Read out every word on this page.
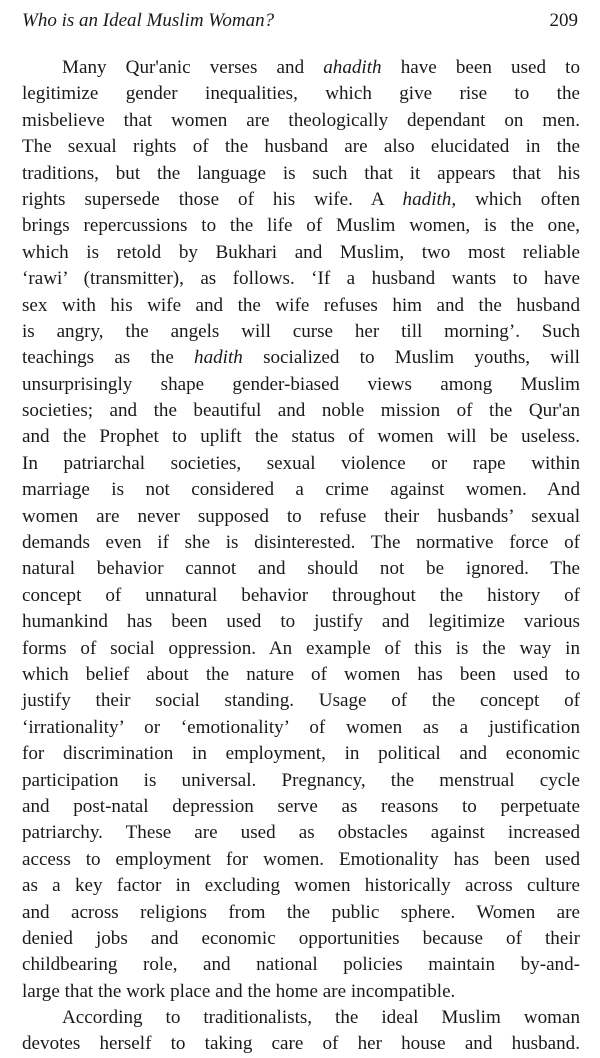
Who is an Ideal Muslim Woman?	209
Many Qur'anic verses and ahadith have been used to
legitimize gender inequalities, which give rise to the
misbelieve that women are theologically dependant on men.
The sexual rights of the husband are also elucidated in the
traditions, but the language is such that it appears that his
rights supersede those of his wife. A hadith, which often
brings repercussions to the life of Muslim women, is the one,
which is retold by Bukhari and Muslim, two most reliable
‘rawi’ (transmitter), as follows. ‘If a husband wants to have
sex with his wife and the wife refuses him and the husband
is angry, the angels will curse her till morning’. Such
teachings as the hadith socialized to Muslim youths, will
unsurprisingly shape gender-biased views among Muslim
societies; and the beautiful and noble mission of the Qur'an
and the Prophet to uplift the status of women will be useless.
In patriarchal societies, sexual violence or rape within
marriage is not considered a crime against women. And
women are never supposed to refuse their husbands’ sexual
demands even if she is disinterested. The normative force of
natural behavior cannot and should not be ignored. The
concept of unnatural behavior throughout the history of
humankind has been used to justify and legitimize various
forms of social oppression. An example of this is the way in
which belief about the nature of women has been used to
justify their social standing. Usage of the concept of
‘irrationality’ or ‘emotionality’ of women as a justification
for discrimination in employment, in political and economic
participation is universal. Pregnancy, the menstrual cycle
and post-natal depression serve as reasons to perpetuate
patriarchy. These are used as obstacles against increased
access to employment for women. Emotionality has been used
as a key factor in excluding women historically across culture
and across religions from the public sphere. Women are
denied jobs and economic opportunities because of their
childbearing role, and national policies maintain by-and-
large that the work place and the home are incompatible.
According to traditionalists, the ideal Muslim woman
devotes herself to taking care of her house and husband.
